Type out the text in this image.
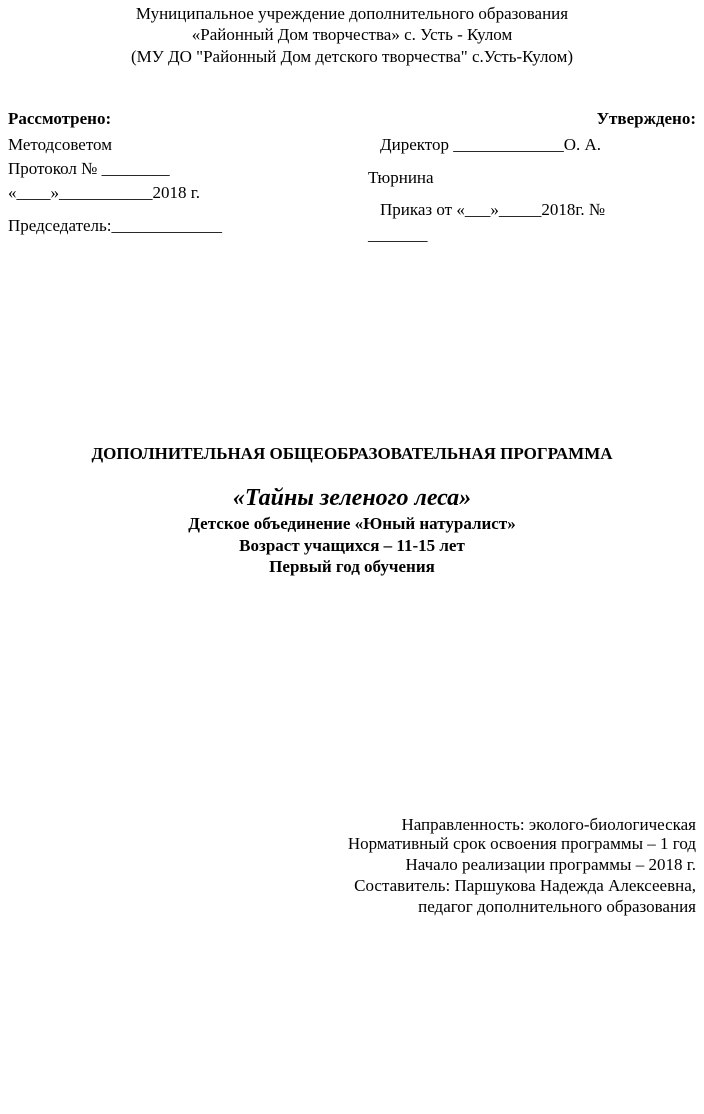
Муниципальное учреждение дополнительного образования
«Районный Дом творчества» с. Усть - Кулом
(МУ ДО "Районный Дом детского творчества" с.Усть-Кулом)
Рассмотрено:
Методсоветом
Протокол № ________
«____»___________2018 г.
Председатель:_____________
Утверждено:
Директор _____________О. А.
Тюрнина
Приказ от «___»_____2018г. №
_______
ДОПОЛНИТЕЛЬНАЯ ОБЩЕОБРАЗОВАТЕЛЬНАЯ ПРОГРАММА
«Тайны зеленого леса»
Детское объединение «Юный натуралист»
Возраст учащихся – 11-15 лет
Первый год обучения
Направленность: эколого-биологическая
Нормативный срок освоения программы – 1 год
Начало реализации программы – 2018 г.
Составитель: Паршукова Надежда Алексеевна,
педагог дополнительного образования
